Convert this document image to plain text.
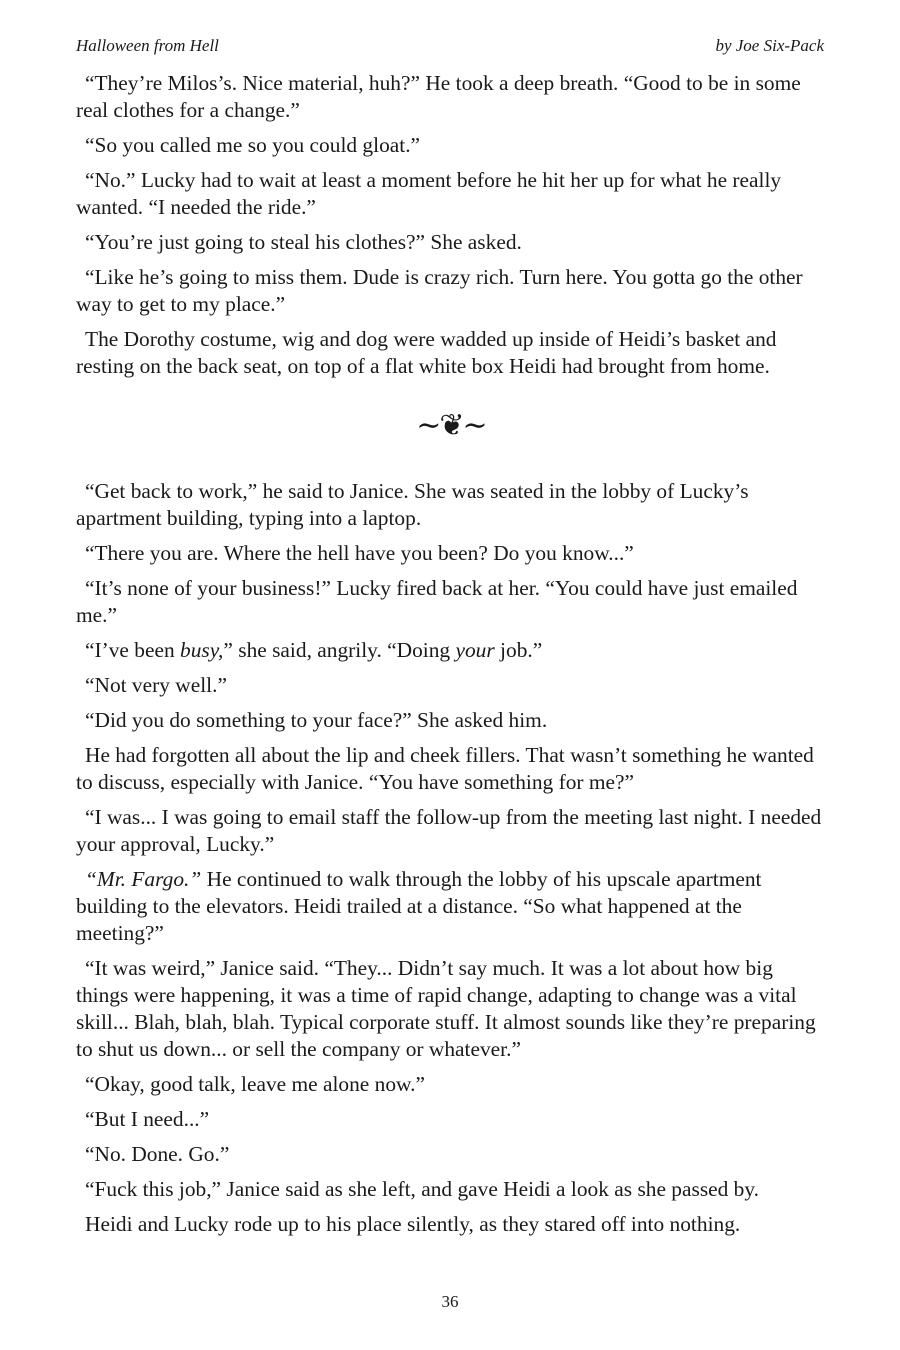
Halloween from Hell	by Joe Six-Pack

“They’re Milos’s. Nice material, huh?” He took a deep breath. “Good to be in some real clothes for a change.”

“So you called me so you could gloat.”

“No.” Lucky had to wait at least a moment before he hit her up for what he really wanted. “I needed the ride.”

“You’re just going to steal his clothes?” She asked.

“Like he’s going to miss them. Dude is crazy rich. Turn here. You gotta go the other way to get to my place.”

The Dorothy costume, wig and dog were wadded up inside of Heidi’s basket and resting on the back seat, on top of a flat white box Heidi had brought from home.

∼❦∼

“Get back to work,” he said to Janice. She was seated in the lobby of Lucky’s apartment building, typing into a laptop.

“There you are. Where the hell have you been? Do you know...”

“It’s none of your business!” Lucky fired back at her. “You could have just emailed me.”

“I’ve been busy,” she said, angrily. “Doing your job.”

“Not very well.”

“Did you do something to your face?” She asked him.

He had forgotten all about the lip and cheek fillers. That wasn’t something he wanted to discuss, especially with Janice. “You have something for me?”

“I was... I was going to email staff the follow-up from the meeting last night. I needed your approval, Lucky.”

“Mr. Fargo.” He continued to walk through the lobby of his upscale apartment building to the elevators. Heidi trailed at a distance. “So what happened at the meeting?”

“It was weird,” Janice said. “They... Didn’t say much. It was a lot about how big things were happening, it was a time of rapid change, adapting to change was a vital skill... Blah, blah, blah. Typical corporate stuff. It almost sounds like they’re preparing to shut us down... or sell the company or whatever.”

“Okay, good talk, leave me alone now.”

“But I need...”

“No. Done. Go.”

“Fuck this job,” Janice said as she left, and gave Heidi a look as she passed by.

Heidi and Lucky rode up to his place silently, as they stared off into nothing.

36
